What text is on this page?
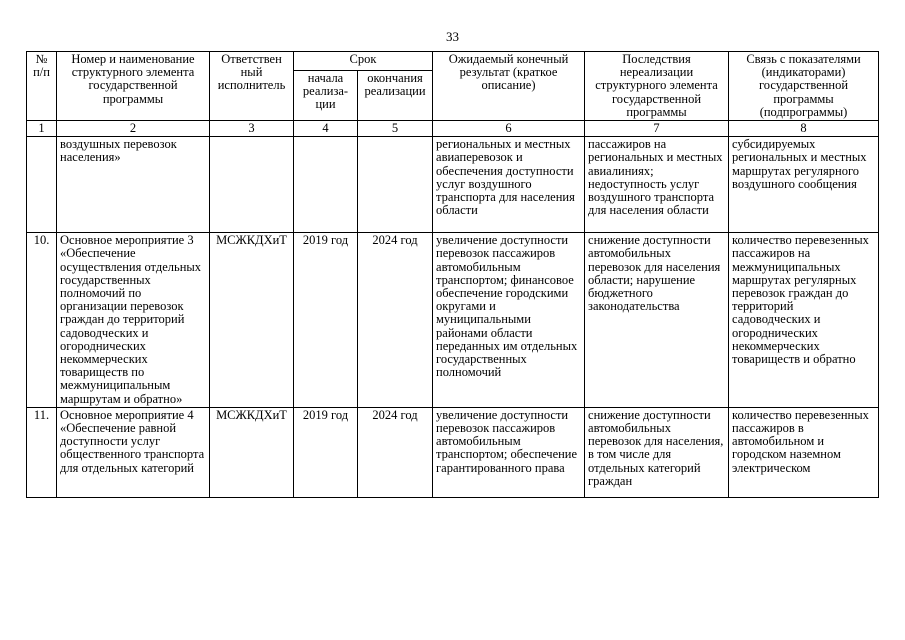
33
№ п/п	Номер и наименование структурного элемента государственной программы	Ответствен ный исполнитель	Срок		Ожидаемый конечный результат (краткое описание)	Последствия нереализации структурного элемента государственной программы	Связь с показателями (индикаторами) государственной программы (подпрограммы)
			начала реализа- ции	окончания реализации			
1	2	3	4	5	6	7	8
	воздушных перевозок населения»				региональных и местных авиаперевозок и обеспечения доступности услуг воздушного транспорта для населения области	пассажиров на региональных и местных авиалиниях; недоступность услуг воздушного транспорта для населения области	субсидируемых региональных и местных маршрутах регулярного воздушного сообщения
10.	Основное мероприятие 3 «Обеспечение осуществления отдельных государственных полномочий по организации перевозок граждан до территорий садоводческих и огороднических некоммерческих товариществ по межмуниципальным маршрутам и обратно»	МСЖКДХиТ	2019 год	2024 год	увеличение доступности перевозок пассажиров автомобильным транспортом; финансовое обеспечение городскими округами и муниципальными районами области переданных им отдельных государственных полномочий	снижение доступности автомобильных перевозок для населения области; нарушение бюджетного законодательства	количество перевезенных пассажиров на межмуниципальных маршрутах регулярных перевозок граждан до территорий садоводческих и огороднических некоммерческих товариществ и обратно
11.	Основное мероприятие 4 «Обеспечение равной доступности услуг общественного транспорта для отдельных категорий	МСЖКДХиТ	2019 год	2024 год	увеличение доступности перевозок пассажиров автомобильным транспортом; обеспечение гарантированного права	снижение доступности автомобильных перевозок для населения, в том числе для отдельных категорий граждан	количество перевезенных пассажиров в автомобильном и городском наземном электрическом
